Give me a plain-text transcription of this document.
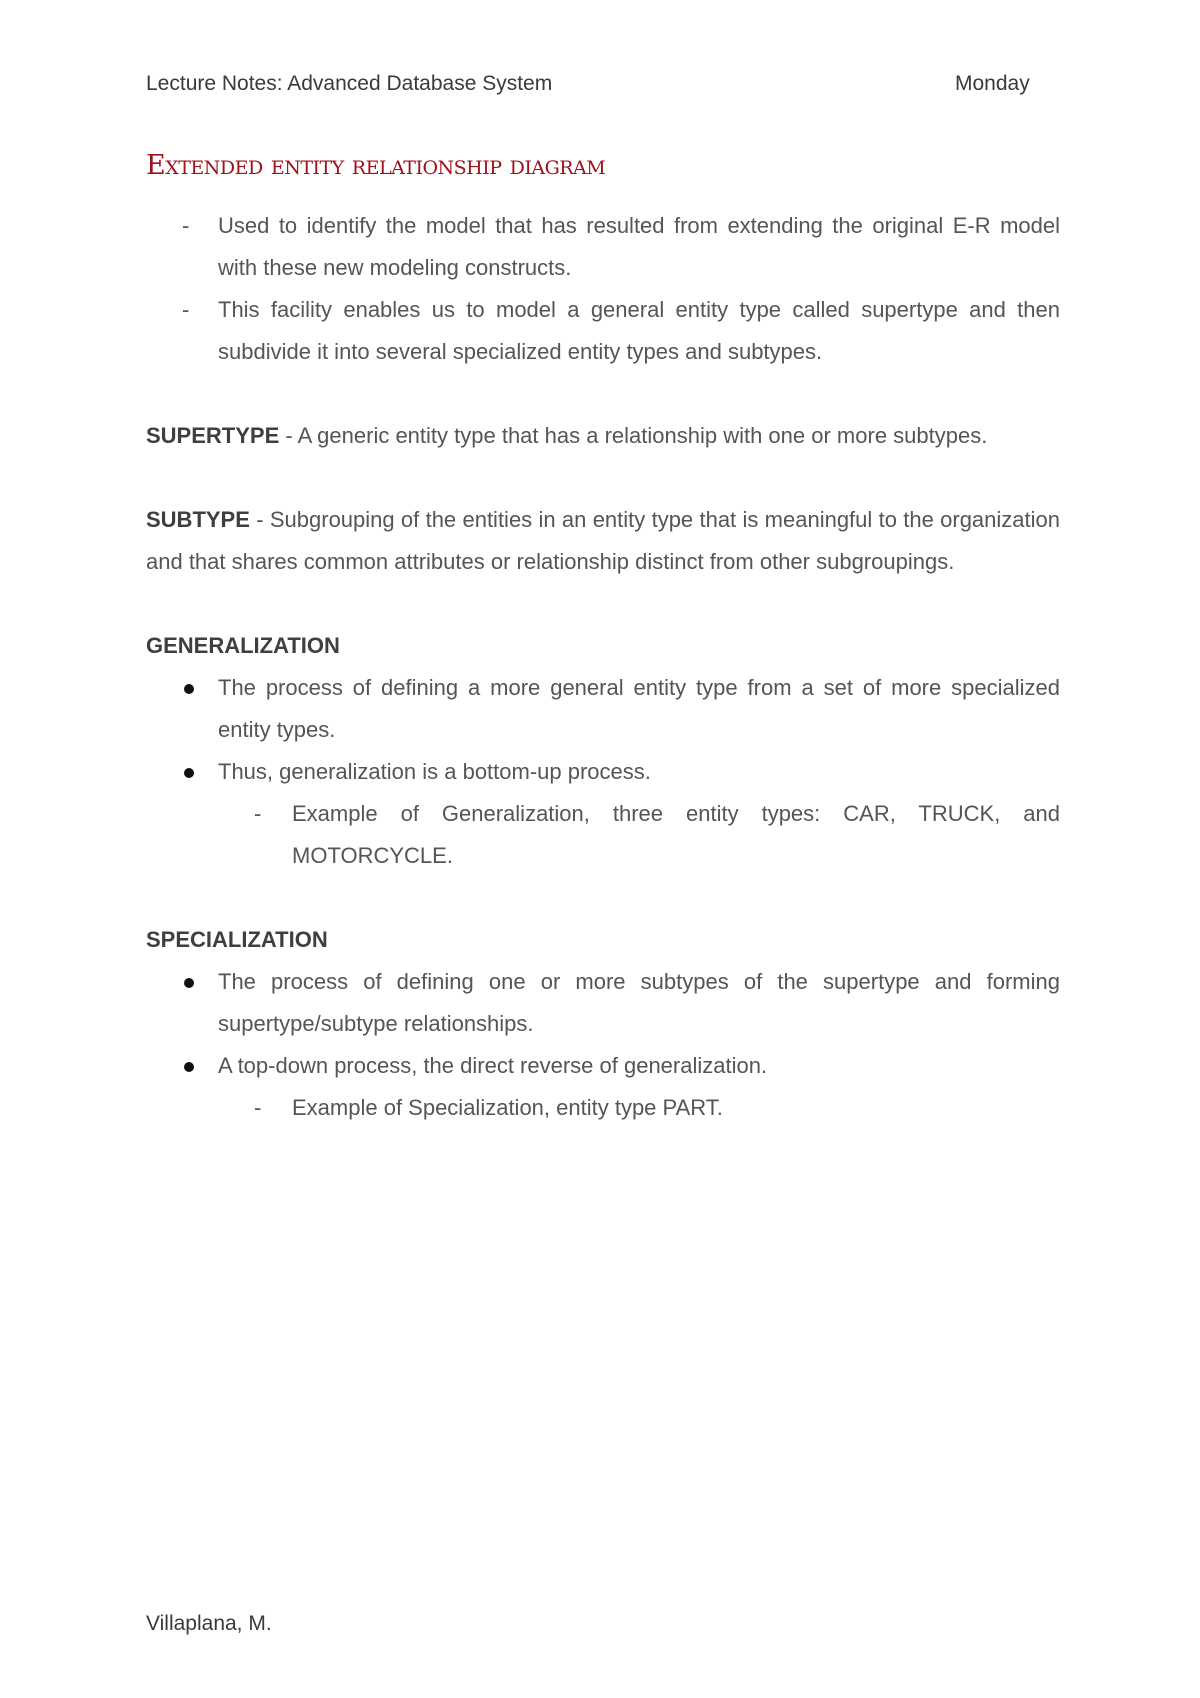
Lecture Notes: Advanced Database System	Monday
Extended entity relationship diagram

- Used to identify the model that has resulted from extending the original E-R model with these new modeling constructs.

- This facility enables us to model a general entity type called supertype and then subdivide it into several specialized entity types and subtypes.

SUPERTYPE - A generic entity type that has a relationship with one or more subtypes.

SUBTYPE - Subgrouping of the entities in an entity type that is meaningful to the organization and that shares common attributes or relationship distinct from other subgroupings.

GENERALIZATION

The process of defining a more general entity type from a set of more specialized entity types.

Thus, generalization is a bottom-up process.

- Example of Generalization, three entity types: CAR, TRUCK, and MOTORCYCLE.

SPECIALIZATION

The process of defining one or more subtypes of the supertype and forming supertype/subtype relationships.

A top-down process, the direct reverse of generalization.

- Example of Specialization, entity type PART.

Villaplana, M.
